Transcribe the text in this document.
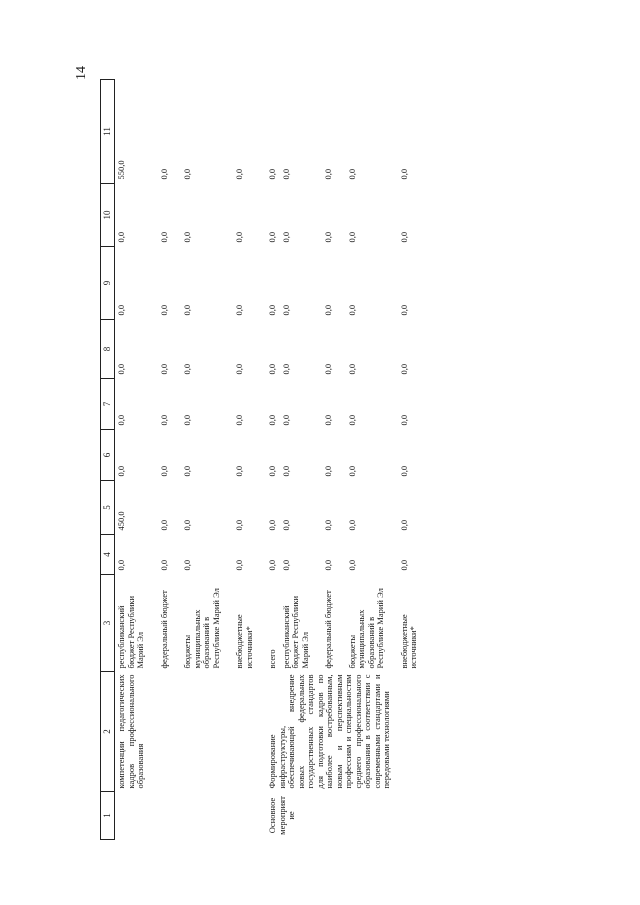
14
1	2	3	4	5	6	7	8	9	10	11
	компетенции педагогических кадров профессионального образования	республиканский бюджет Республики Марий Эл	0,0	450,0	0,0	0,0	0,0	0,0	0,0	550,0
		федеральный бюджет	0,0	0,0	0,0	0,0	0,0	0,0	0,0	0,0
		бюджеты муниципальных образований в Республике Марий Эл	0,0	0,0	0,0	0,0	0,0	0,0	0,0	0,0
		внебюджетные источники*	0,0	0,0	0,0	0,0	0,0	0,0	0,0	0,0
Основное мероприятие	Формирование инфраструктуры, обеспечивающей внедрение новых федеральных государственных стандартов для подготовки кадров по наиболее востребованным, новым и перспективным профессиям и специальностям среднего профессионального образования в соответствии с современными стандартами и передовыми технологиями	всего	0,0	0,0	0,0	0,0	0,0	0,0	0,0	0,0
		республиканский бюджет Республики Марий Эл	0,0	0,0	0,0	0,0	0,0	0,0	0,0	0,0
		федеральный бюджет	0,0	0,0	0,0	0,0	0,0	0,0	0,0	0,0
		бюджеты муниципальных образований в Республике Марий Эл	0,0	0,0	0,0	0,0	0,0	0,0	0,0	0,0
		внебюджетные источники*	0,0	0,0	0,0	0,0	0,0	0,0	0,0	0,0
